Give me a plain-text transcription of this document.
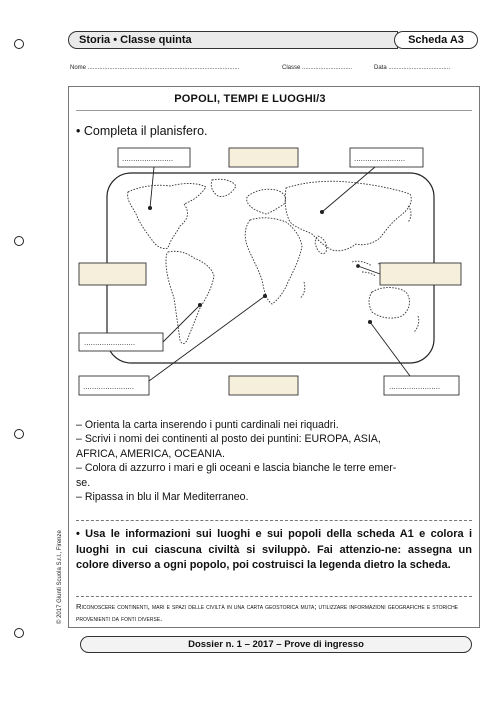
Storia • Classe quinta	Scheda A3
Nome ...........................................................................................	Classe ..............................	Data .....................................
POPOLI, TEMPI E LUOGHI/3
• Completa il planisfero.
.......................	.......................
.......................
.......................	.......................
– Orienta la carta inserendo i punti cardinali nei riquadri.
– Scrivi i nomi dei continenti al posto dei puntini: EUROPA, ASIA,
AFRICA, AMERICA, OCEANIA.
– Colora di azzurro i mari e gli oceani e lascia bianche le terre emer-
se.
– Ripassa in blu il Mar Mediterraneo.
• Usa le informazioni sui luoghi e sui popoli della scheda A1 e colora i luoghi in cui ciascuna civiltà si sviluppò. Fai attenzio-ne: assegna un colore diverso a ogni popolo, poi costruisci la legenda dietro la scheda.
Riconoscere continenti, mari e spazi delle civiltà in una carta geostorica muta; utilizzare informazioni geografiche e storiche provenienti da fonti diverse.
Dossier n. 1 – 2017 – Prove di ingresso
© 2017 Giunti Scuola S.r.l., Firenze
